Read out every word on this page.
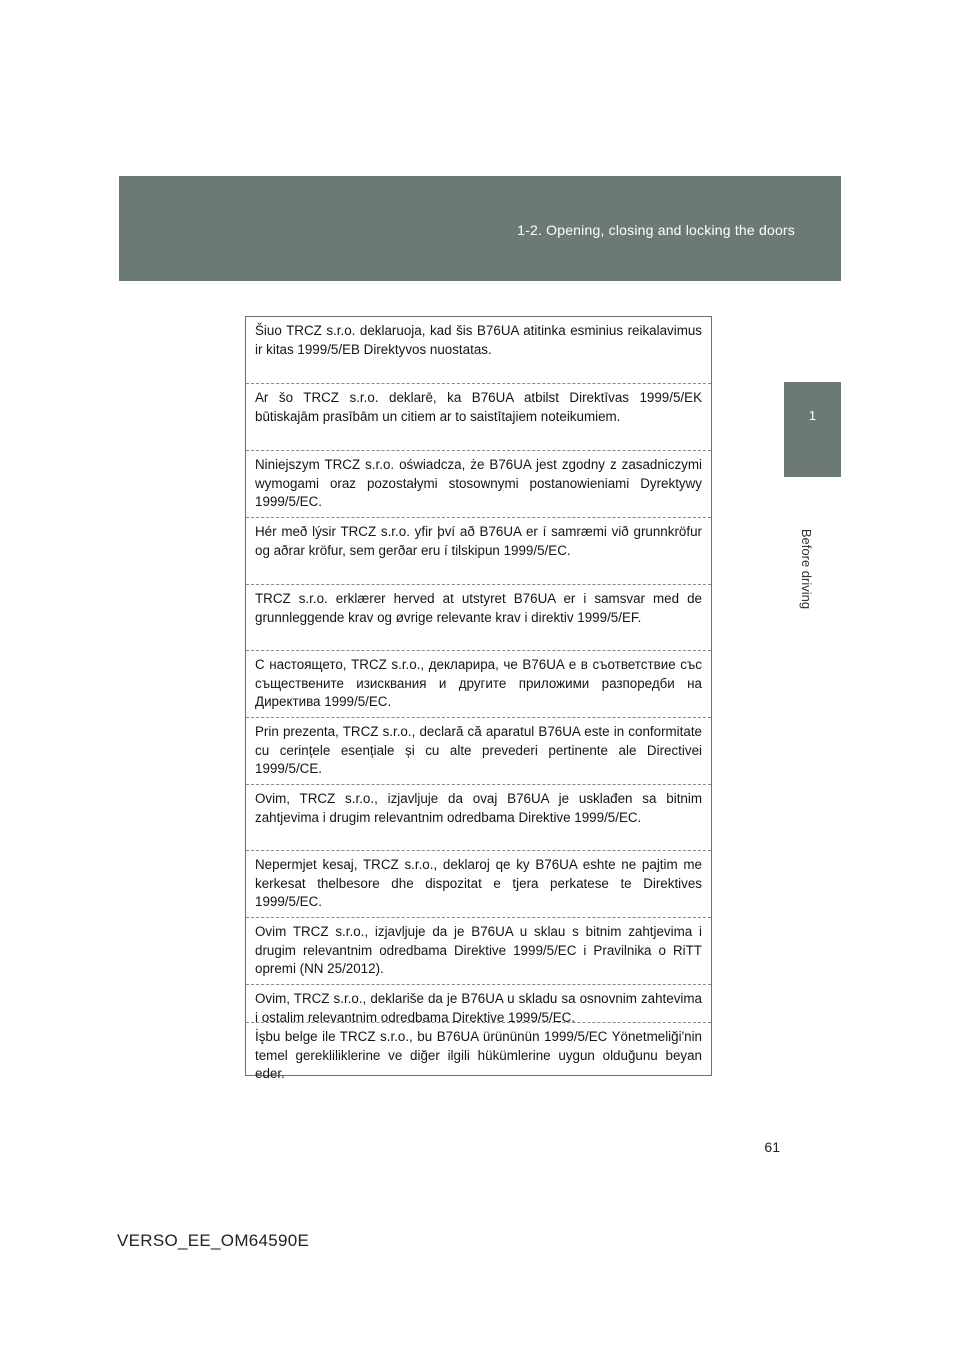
1-2. Opening, closing and locking the doors
1
Before driving

Šiuo TRCZ s.r.o. deklaruoja, kad šis B76UA atitinka esminius reikalavimus ir kitas 1999/5/EB Direktyvos nuostatas.

Ar šo TRCZ s.r.o. deklarē, ka B76UA atbilst Direktīvas 1999/5/EK būtiskajām prasībām un citiem ar to saistītajiem noteikumiem.

Niniejszym TRCZ s.r.o. oświadcza, że B76UA jest zgodny z zasadniczymi wymogami oraz pozostałymi stosownymi postanowieniami Dyrektywy 1999/5/EC.

Hér með lýsir TRCZ s.r.o. yfir því að B76UA er í samræmi við grunnkröfur og aðrar kröfur, sem gerðar eru í tilskipun 1999/5/EC.

TRCZ s.r.o. erklærer herved at utstyret B76UA er i samsvar med de grunnleggende krav og øvrige relevante krav i direktiv 1999/5/EF.

С настоящето, TRCZ s.r.o., декларира, че B76UA е в съответствие със съществените изисквания и другите приложими разпоредби на Директива 1999/5/ЕС.

Prin prezenta, TRCZ s.r.o., declară că aparatul B76UA este in conformitate cu cerințele esențiale și cu alte prevederi pertinente ale Directivei 1999/5/CE.

Ovim, TRCZ s.r.o., izjavljuje da ovaj B76UA je usklađen sa bitnim zahtjevima i drugim relevantnim odredbama Direktive 1999/5/EC.

Nepermjet kesaj, TRCZ s.r.o., deklaroj qe ky B76UA eshte ne pajtim me kerkesat thelbesore dhe dispozitat e tjera perkatese te Direktives 1999/5/EC.

Ovim TRCZ s.r.o., izjavljuje da je B76UA u sklau s bitnim zahtjevima i drugim relevantnim odredbama Direktive 1999/5/EC i Pravilnika o RiTT opremi (NN 25/2012).

Ovim, TRCZ s.r.o., deklariše da je B76UA u skladu sa osnovnim zahtevima i ostalim relevantnim odredbama Direktive 1999/5/EC.

İşbu belge ile TRCZ s.r.o., bu B76UA ürününün 1999/5/EC Yönetmeliği'nin temel gerekliliklerine ve diğer ilgili hükümlerine uygun olduğunu beyan eder.

61
VERSO_EE_OM64590E
